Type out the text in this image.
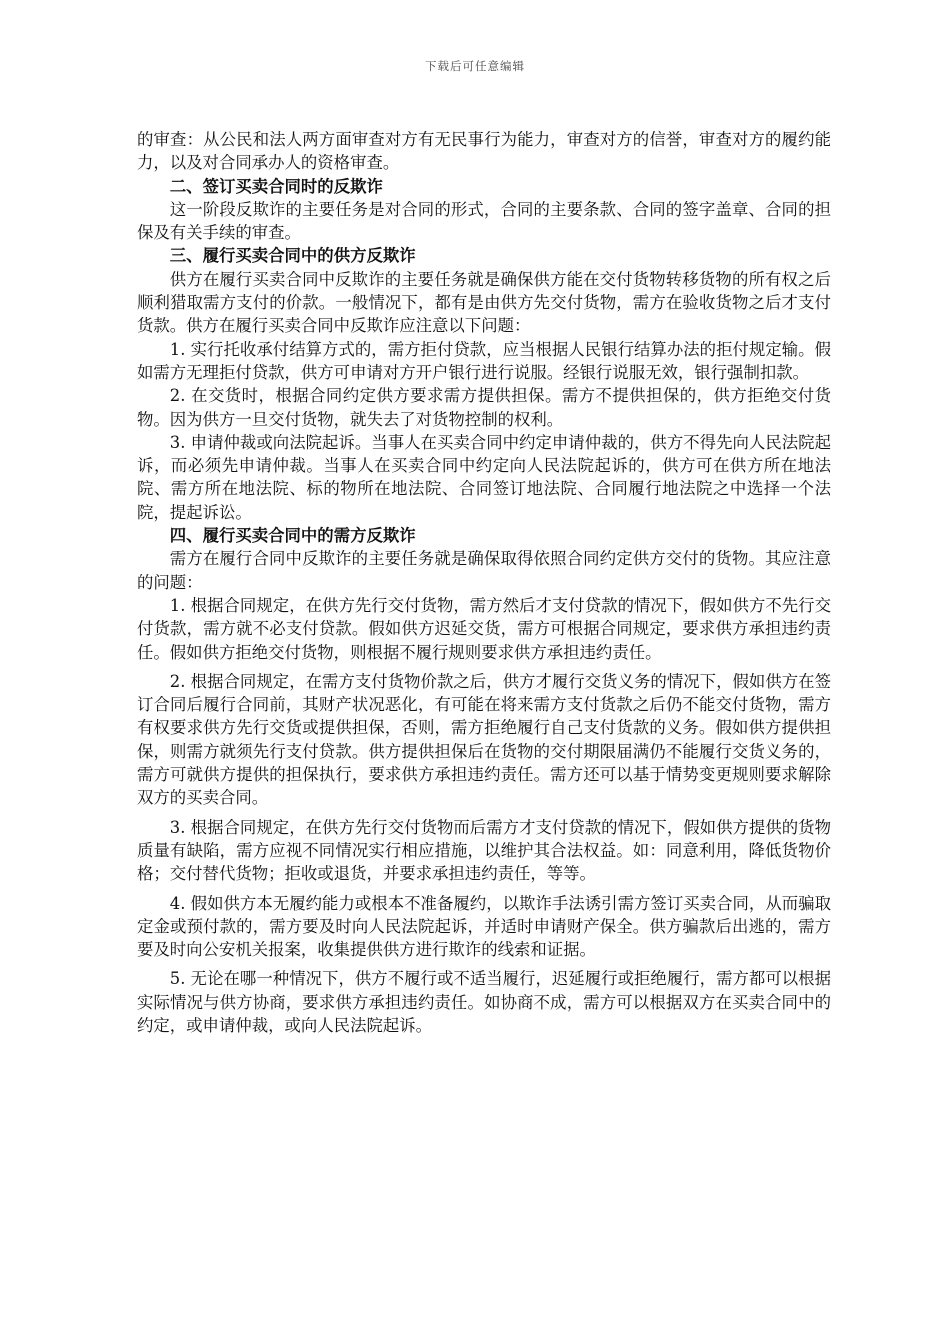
下载后可任意编辑

的审查：从公民和法人两方面审查对方有无民事行为能力，审查对方的信誉，审查对方的履约能力，以及对合同承办人的资格审查。

二、签订买卖合同时的反欺诈

这一阶段反欺诈的主要任务是对合同的形式，合同的主要条款、合同的签字盖章、合同的担保及有关手续的审查。

三、履行买卖合同中的供方反欺诈

供方在履行买卖合同中反欺诈的主要任务就是确保供方能在交付货物转移货物的所有权之后顺利猎取需方支付的价款。一般情况下，都有是由供方先交付货物，需方在验收货物之后才支付货款。供方在履行买卖合同中反欺诈应注意以下问题：

1. 实行托收承付结算方式的，需方拒付贷款，应当根据人民银行结算办法的拒付规定输。假如需方无理拒付贷款，供方可申请对方开户银行进行说服。经银行说服无效，银行强制扣款。

2. 在交货时，根据合同约定供方要求需方提供担保。需方不提供担保的，供方拒绝交付货物。因为供方一旦交付货物，就失去了对货物控制的权利。

3. 申请仲裁或向法院起诉。当事人在买卖合同中约定申请仲裁的，供方不得先向人民法院起诉，而必须先申请仲裁。当事人在买卖合同中约定向人民法院起诉的，供方可在供方所在地法院、需方所在地法院、标的物所在地法院、合同签订地法院、合同履行地法院之中选择一个法院，提起诉讼。

四、履行买卖合同中的需方反欺诈

需方在履行合同中反欺诈的主要任务就是确保取得依照合同约定供方交付的货物。其应注意的问题：

1. 根据合同规定，在供方先行交付货物，需方然后才支付贷款的情况下，假如供方不先行交付货款，需方就不必支付贷款。假如供方迟延交货，需方可根据合同规定，要求供方承担违约责任。假如供方拒绝交付货物，则根据不履行规则要求供方承担违约责任。

2. 根据合同规定，在需方支付货物价款之后，供方才履行交货义务的情况下，假如供方在签订合同后履行合同前，其财产状况恶化，有可能在将来需方支付货款之后仍不能交付货物，需方有权要求供方先行交货或提供担保，否则，需方拒绝履行自己支付货款的义务。假如供方提供担保，则需方就须先行支付贷款。供方提供担保后在货物的交付期限届满仍不能履行交货义务的，需方可就供方提供的担保执行，要求供方承担违约责任。需方还可以基于情势变更规则要求解除双方的买卖合同。

3. 根据合同规定，在供方先行交付货物而后需方才支付贷款的情况下，假如供方提供的货物质量有缺陷，需方应视不同情况实行相应措施，以维护其合法权益。如：同意利用，降低货物价格；交付替代货物；拒收或退货，并要求承担违约责任，等等。

4. 假如供方本无履约能力或根本不准备履约，以欺诈手法诱引需方签订买卖合同，从而骗取定金或预付款的，需方要及时向人民法院起诉，并适时申请财产保全。供方骗款后出逃的，需方要及时向公安机关报案，收集提供供方进行欺诈的线索和证据。

5. 无论在哪一种情况下，供方不履行或不适当履行，迟延履行或拒绝履行，需方都可以根据实际情况与供方协商，要求供方承担违约责任。如协商不成，需方可以根据双方在买卖合同中的约定，或申请仲裁，或向人民法院起诉。
